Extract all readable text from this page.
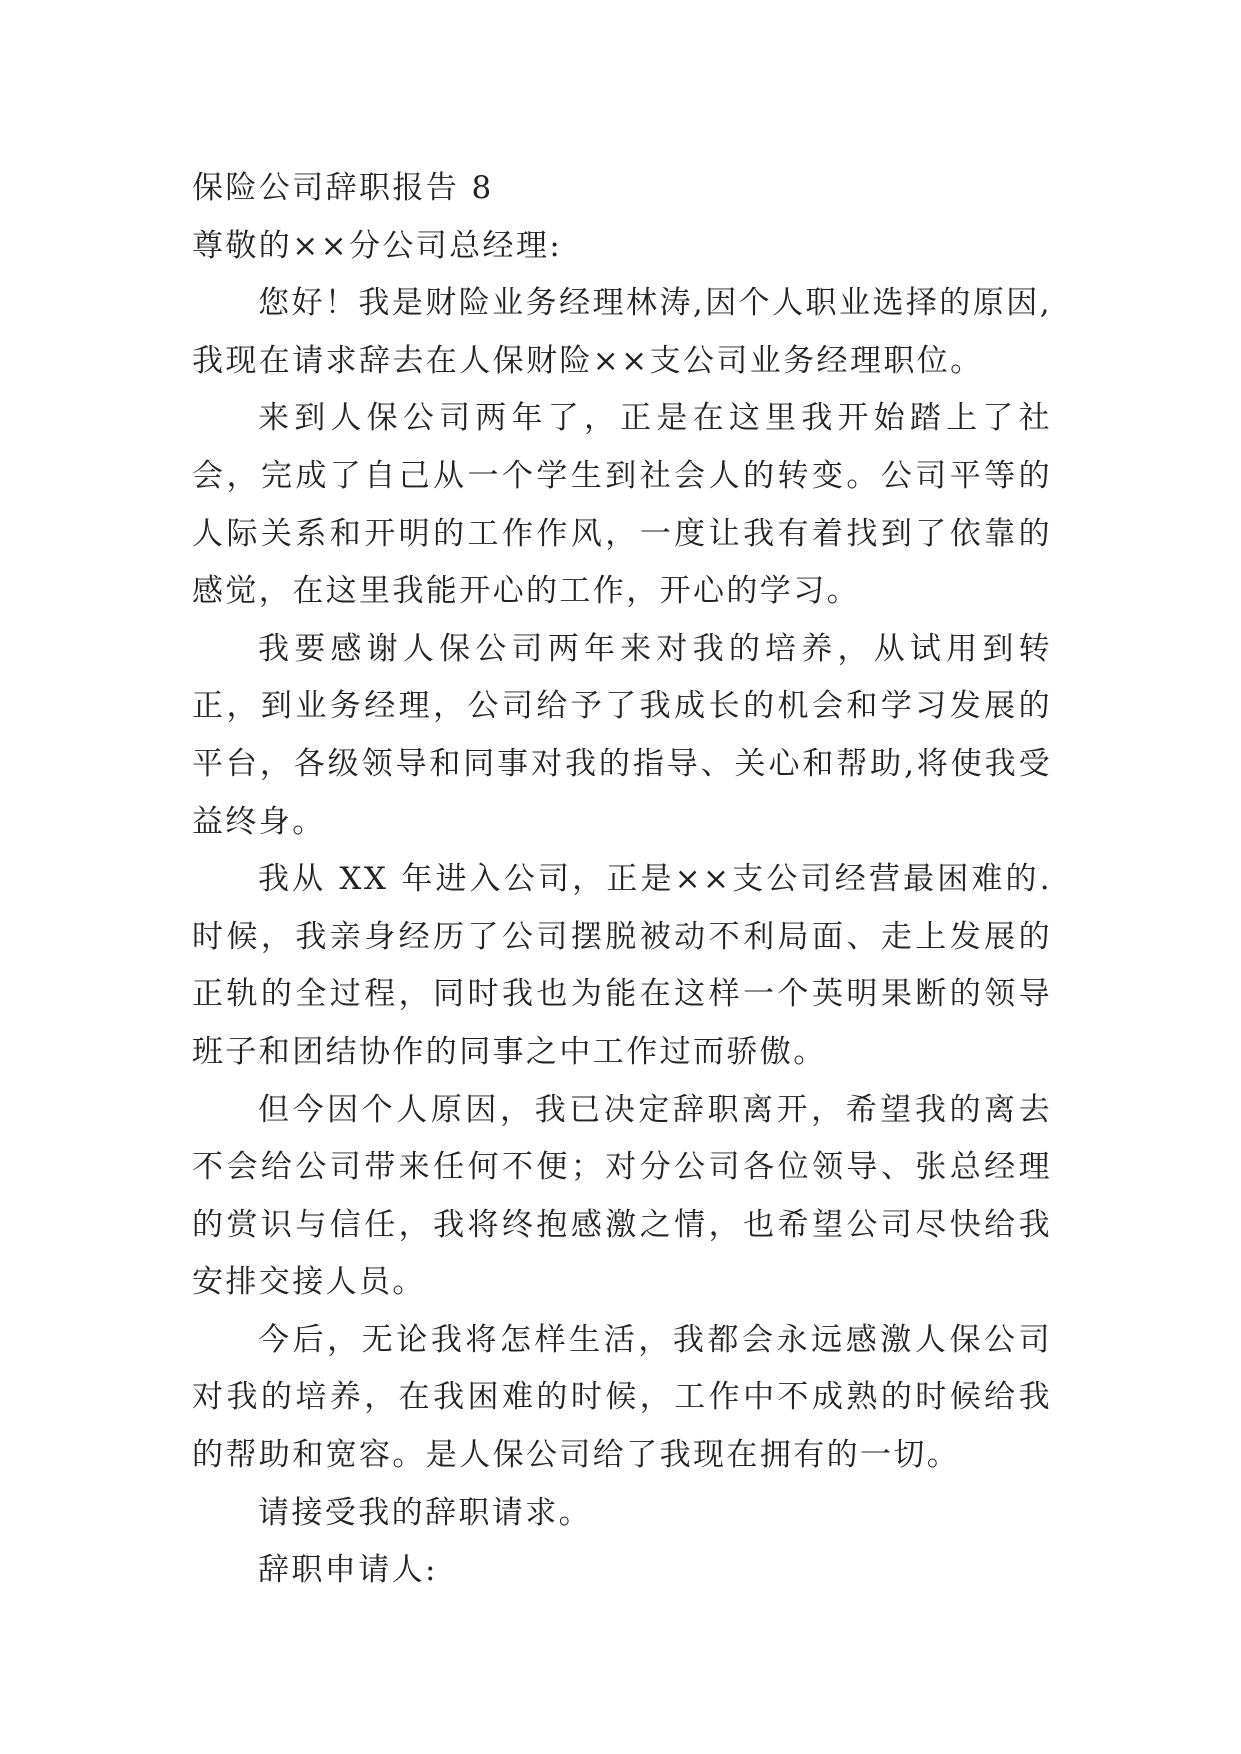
保险公司辞职报告 8

尊敬的××分公司总经理:

您好！我是财险业务经理林涛,因个人职业选择的原因,我现在请求辞去在人保财险××支公司业务经理职位。

来到人保公司两年了，正是在这里我开始踏上了社会，完成了自己从一个学生到社会人的转变。公司平等的人际关系和开明的工作作风，一度让我有着找到了依靠的感觉，在这里我能开心的工作，开心的学习。

我要感谢人保公司两年来对我的培养，从试用到转正，到业务经理，公司给予了我成长的机会和学习发展的平台，各级领导和同事对我的指导、关心和帮助,将使我受益终身。

我从 XX 年进入公司，正是××支公司经营最困难的.时候，我亲身经历了公司摆脱被动不利局面、走上发展的正轨的全过程，同时我也为能在这样一个英明果断的领导班子和团结协作的同事之中工作过而骄傲。

但今因个人原因，我已决定辞职离开，希望我的离去不会给公司带来任何不便；对分公司各位领导、张总经理的赏识与信任，我将终抱感激之情，也希望公司尽快给我安排交接人员。

今后，无论我将怎样生活，我都会永远感激人保公司对我的培养，在我困难的时候，工作中不成熟的时候给我的帮助和宽容。是人保公司给了我现在拥有的一切。

请接受我的辞职请求。

辞职申请人:
